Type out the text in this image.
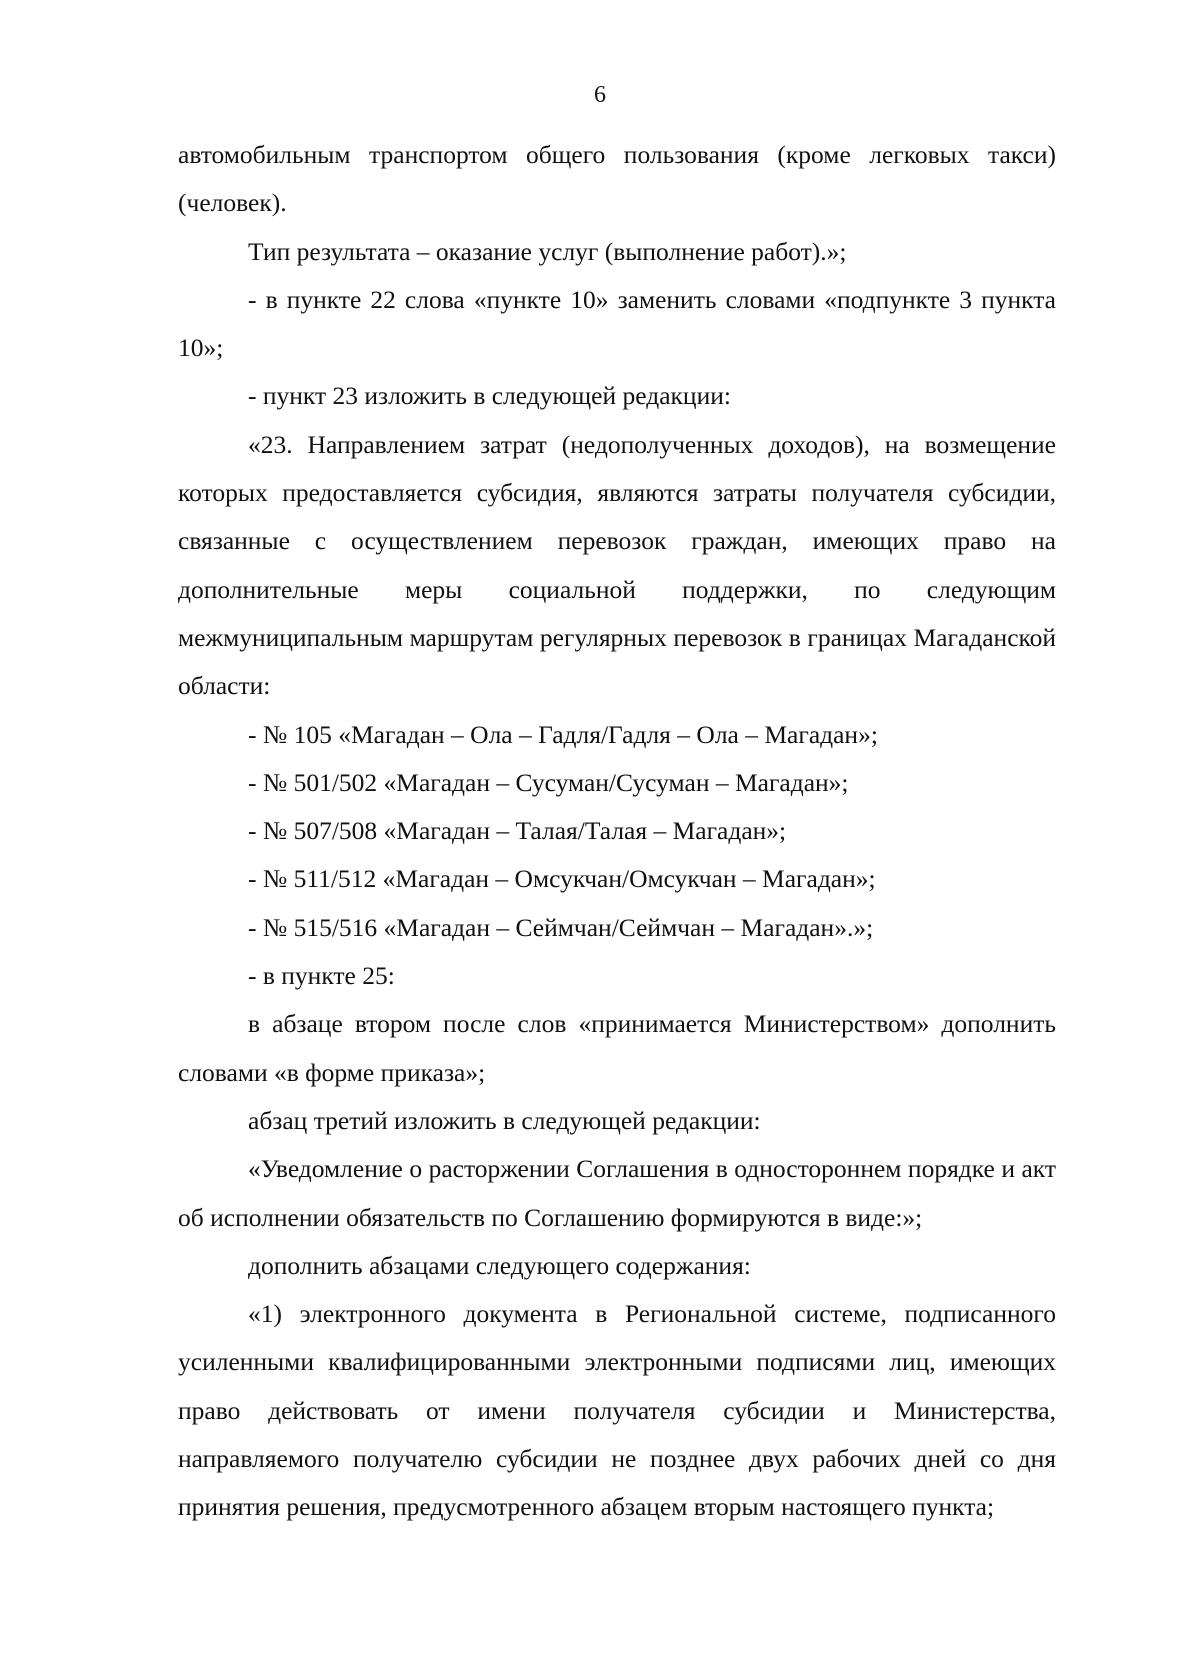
6

автомобильным транспортом общего пользования (кроме легковых такси) (человек).

Тип результата – оказание услуг (выполнение работ).»;

- в пункте 22 слова «пункте 10» заменить словами «подпункте 3 пункта 10»;

- пункт 23 изложить в следующей редакции:

«23. Направлением затрат (недополученных доходов), на возмещение которых предоставляется субсидия, являются затраты получателя субсидии, связанные с осуществлением перевозок граждан, имеющих право на дополнительные меры социальной поддержки, по следующим межмуниципальным маршрутам регулярных перевозок в границах Магаданской области:

- № 105 «Магадан – Ола – Гадля/Гадля – Ола – Магадан»;

- № 501/502 «Магадан – Сусуман/Сусуман – Магадан»;

- № 507/508 «Магадан – Талая/Талая – Магадан»;

- № 511/512 «Магадан – Омсукчан/Омсукчан – Магадан»;

- № 515/516 «Магадан – Сеймчан/Сеймчан – Магадан».»;

- в пункте 25:

в абзаце втором после слов «принимается Министерством» дополнить словами «в форме приказа»;

абзац третий изложить в следующей редакции:

«Уведомление о расторжении Соглашения в одностороннем порядке и акт об исполнении обязательств по Соглашению формируются в виде:»;

дополнить абзацами следующего содержания:

«1) электронного документа в Региональной системе, подписанного усиленными квалифицированными электронными подписями лиц, имеющих право действовать от имени получателя субсидии и Министерства, направляемого получателю субсидии не позднее двух рабочих дней со дня принятия решения, предусмотренного абзацем вторым настоящего пункта;
